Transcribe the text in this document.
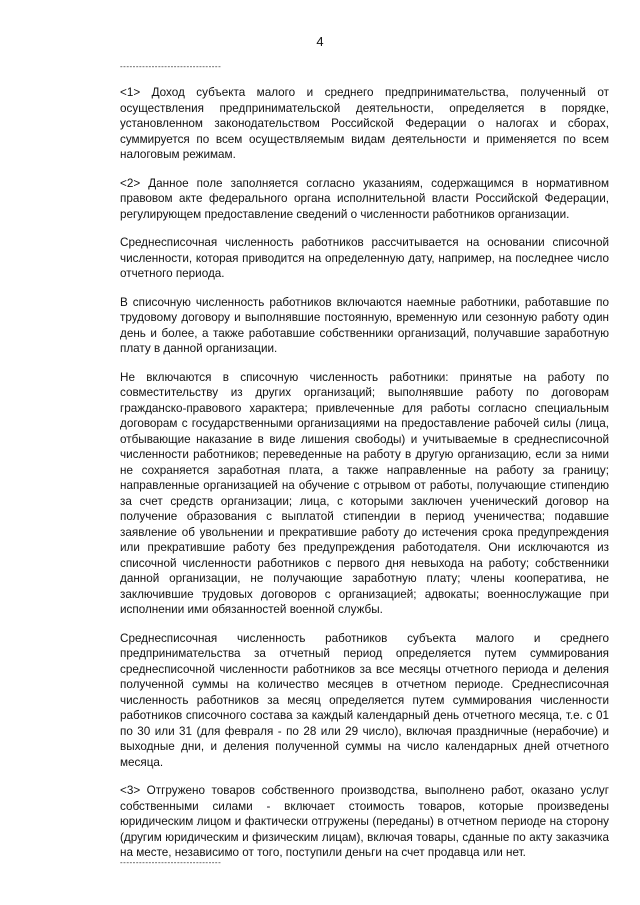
4
--------------------------------

<1> Доход субъекта малого и среднего предпринимательства, полученный от осуществления предпринимательской деятельности, определяется в порядке, установленном законодательством Российской Федерации о налогах и сборах, суммируется по всем осуществляемым видам деятельности и применяется по всем налоговым режимам.

<2> Данное поле заполняется согласно указаниям, содержащимся в нормативном правовом акте федерального органа исполнительной власти Российской Федерации, регулирующем предоставление сведений о численности работников организации.

Среднесписочная численность работников рассчитывается на основании списочной численности, которая приводится на определенную дату, например, на последнее число отчетного периода.

В списочную численность работников включаются наемные работники, работавшие по трудовому договору и выполнявшие постоянную, временную или сезонную работу один день и более, а также работавшие собственники организаций, получавшие заработную плату в данной организации.

Не включаются в списочную численность работники: принятые на работу по совместительству из других организаций; выполнявшие работу по договорам гражданско-правового характера; привлеченные для работы согласно специальным договорам с государственными организациями на предоставление рабочей силы (лица, отбывающие наказание в виде лишения свободы) и учитываемые в среднесписочной численности работников; переведенные на работу в другую организацию, если за ними не сохраняется заработная плата, а также направленные на работу за границу; направленные организацией на обучение с отрывом от работы, получающие стипендию за счет средств организации; лица, с которыми заключен ученический договор на получение образования с выплатой стипендии в период ученичества; подавшие заявление об увольнении и прекратившие работу до истечения срока предупреждения или прекратившие работу без предупреждения работодателя. Они исключаются из списочной численности работников с первого дня невыхода на работу; собственники данной организации, не получающие заработную плату; члены кооператива, не заключившие трудовых договоров с организацией; адвокаты; военнослужащие при исполнении ими обязанностей военной службы.

Среднесписочная численность работников субъекта малого и среднего предпринимательства за отчетный период определяется путем суммирования среднесписочной численности работников за все месяцы отчетного периода и деления полученной суммы на количество месяцев в отчетном периоде. Среднесписочная численность работников за месяц определяется путем суммирования численности работников списочного состава за каждый календарный день отчетного месяца, т.е. с 01 по 30 или 31 (для февраля - по 28 или 29 число), включая праздничные (нерабочие) и выходные дни, и деления полученной суммы на число календарных дней отчетного месяца.

<3> Отгружено товаров собственного производства, выполнено работ, оказано услуг собственными силами - включает стоимость товаров, которые произведены юридическим лицом и фактически отгружены (переданы) в отчетном периоде на сторону (другим юридическим и физическим лицам), включая товары, сданные по акту заказчика на месте, независимо от того, поступили деньги на счет продавца или нет.

--------------------------------
